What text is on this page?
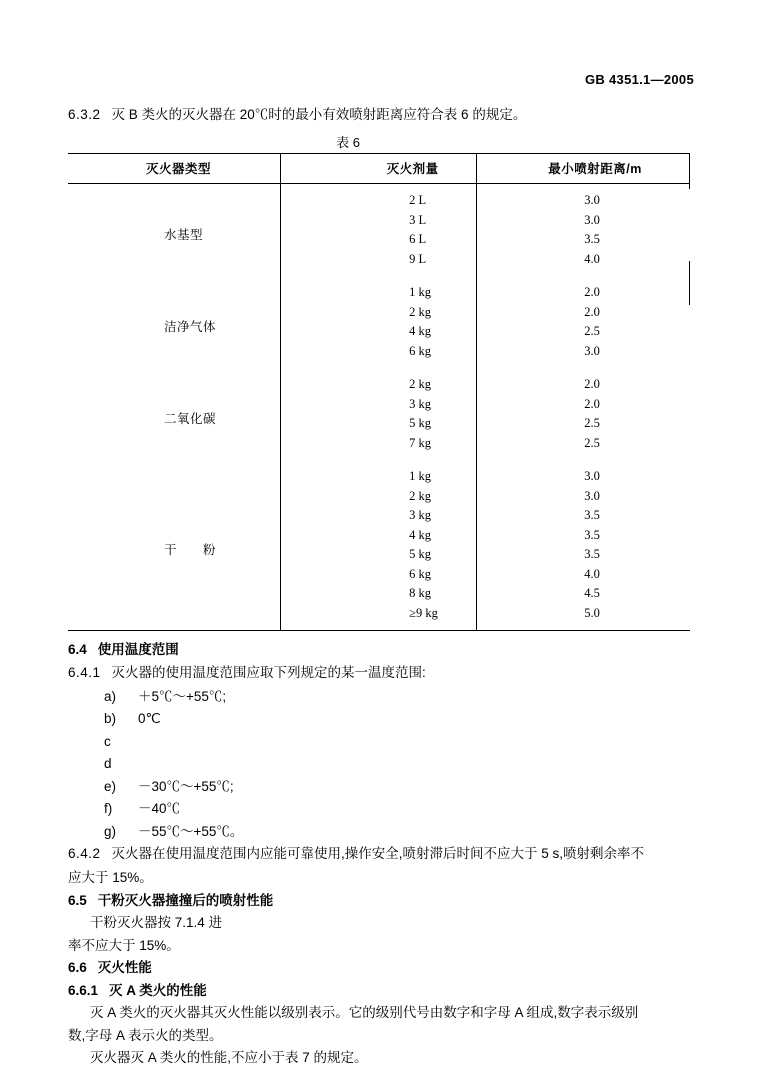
GB 4351.1—2005
6.3.2 灭 B 类火的灭火器在 20℃时的最小有效喷射距离应符合表 6 的规定。
表 6
灭火器类型	灭火剂量	最小喷射距离/m
水基型	2 L	3.0
	3 L	3.0
	6 L	3.5
	9 L	4.0
洁净气体	1 kg	2.0
	2 kg	2.0
	4 kg	2.5
	6 kg	3.0
二氧化碳	2 kg	2.0
	3 kg	2.0
	5 kg	2.5
	7 kg	2.5
干　　粉	1 kg	3.0
	2 kg	3.0
	3 kg	3.5
	4 kg	3.5
	5 kg	3.5
	6 kg	4.0
	8 kg	4.5
	≥9 kg	5.0
6.4 使用温度范围
6.4.1 灭火器的使用温度范围应取下列规定的某一温度范围:
a)	＋5℃～+55℃;
b)	0℃
c
d
e)	－30℃～+55℃;
f)	－40℃
g)	－55℃～+55℃。
6.4.2 灭火器在使用温度范围内应能可靠使用,操作安全,喷射滞后时间不应大于 5 s,喷射剩余率不
应大于 15%。
6.5 干粉灭火器撞撞后的喷射性能
干粉灭火器按 7.1.4 进
率不应大于 15%。
6.6 灭火性能
6.6.1 灭 A 类火的性能
灭 A 类火的灭火器其灭火性能以级别表示。它的级别代号由数字和字母 A 组成,数字表示级别
数,字母 A 表示火的类型。
灭火器灭 A 类火的性能,不应小于表 7 的规定。
